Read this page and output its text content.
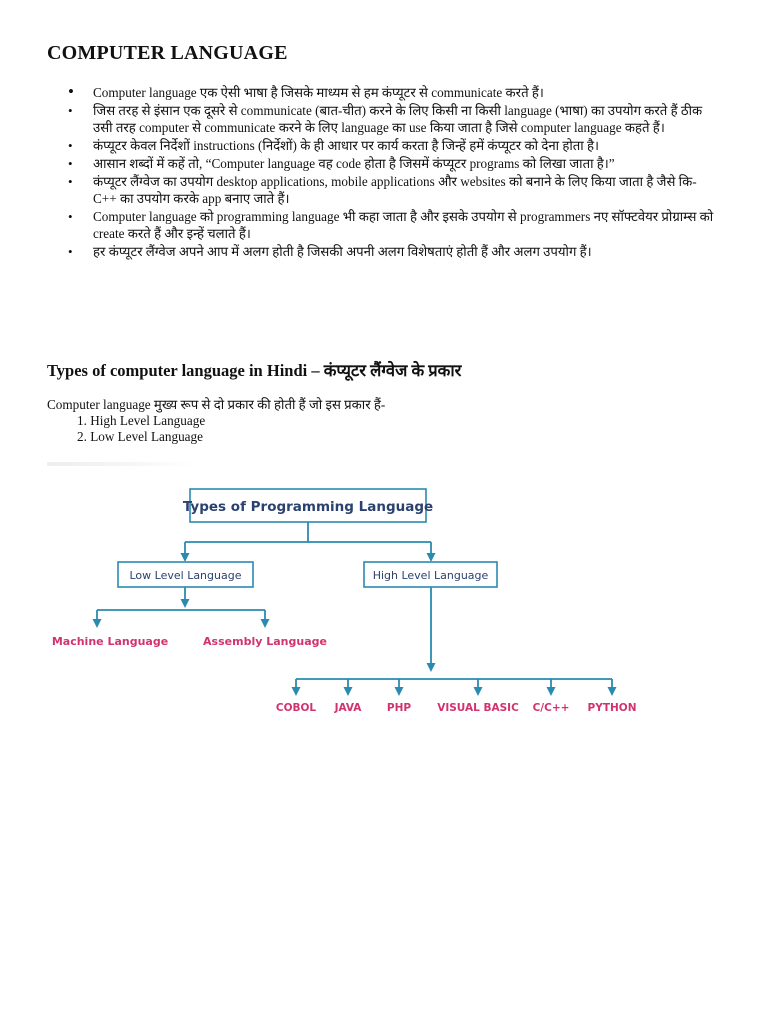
COMPUTER LANGUAGE
• Computer language एक ऐसी भाषा है जिसके माध्यम से हम कंप्यूटर से communicate करते हैं।
• जिस तरह से इंसान एक दूसरे से communicate (बात-चीत) करने के लिए किसी ना किसी language (भाषा) का उपयोग करते हैं ठीक उसी तरह computer से communicate करने के लिए language का use किया जाता है जिसे computer language कहते हैं।
• कंप्यूटर केवल निर्देशों instructions (निर्देशों) के ही आधार पर कार्य करता है जिन्हें हमें कंप्यूटर को देना होता है।
• आसान शब्दों में कहें तो, “Computer language वह code होता है जिसमें कंप्यूटर programs को लिखा जाता है।”
• कंप्यूटर लैंग्वेज का उपयोग desktop applications, mobile applications और websites को बनाने के लिए किया जाता है जैसे कि- C++ का उपयोग करके app बनाए जाते हैं।
• Computer language को programming language भी कहा जाता है और इसके उपयोग से programmers नए सॉफ्टवेयर प्रोग्राम्स को create करते हैं और इन्हें चलाते हैं।
• हर कंप्यूटर लैंग्वेज अपने आप में अलग होती है जिसकी अपनी अलग विशेषताएं होती हैं और अलग उपयोग हैं।
Types of computer language in Hindi – कंप्यूटर लैंग्वेज के प्रकार

Computer language मुख्य रूप से दो प्रकार की होती हैं जो इस प्रकार हैं-

1. High Level Language
2. Low Level Language
Types of Programming Language
Low Level Language	High Level Language
Machine Language	Assembly Language
COBOL JAVA PHP VISUAL BASIC C/C++ PYTHON
